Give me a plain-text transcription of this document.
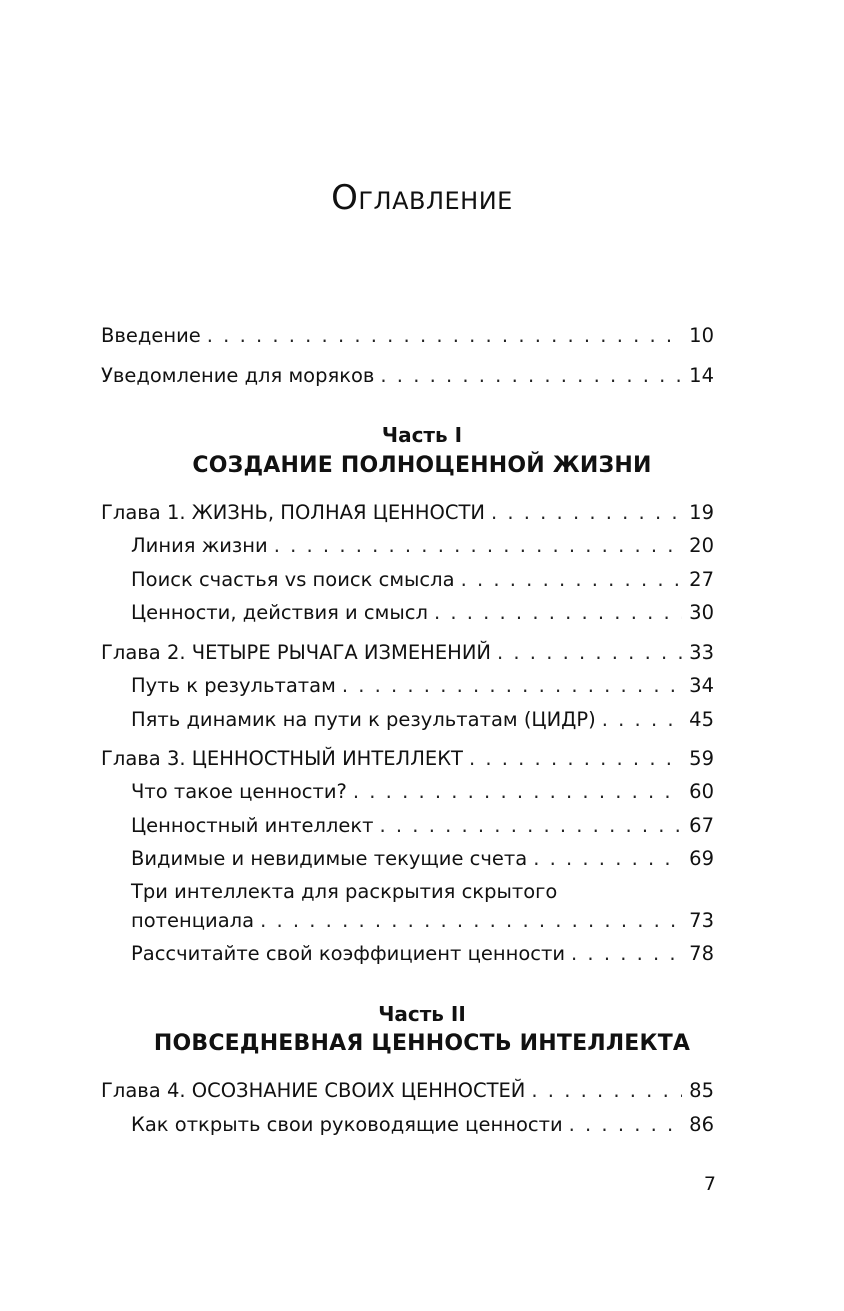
Оглавление
Введение . . .	10
Уведомление для моряков . . .	14
Часть I
СОЗДАНИЕ ПОЛНОЦЕННОЙ ЖИЗНИ
Глава 1. ЖИЗНЬ, ПОЛНАЯ ЦЕННОСТИ . . .	19
Линия жизни . . .	20
Поиск счастья vs поиск смысла . . .	27
Ценности, действия и смысл . . .	30
Глава 2. ЧЕТЫРЕ РЫЧАГА ИЗМЕНЕНИЙ . . .	33
Путь к результатам . . .	34
Пять динамик на пути к результатам (ЦИДР) . . .	45
Глава 3. ЦЕННОСТНЫЙ ИНТЕЛЛЕКТ . . .	59
Что такое ценности? . . .	60
Ценностный интеллект . . .	67
Видимые и невидимые текущие счета . . .	69
Три интеллекта для раскрытия скрытого
потенциала . . .	73
Рассчитайте свой коэффициент ценности . . .	78
Часть II
ПОВСЕДНЕВНАЯ ЦЕННОСТЬ ИНТЕЛЛЕКТА
Глава 4. ОСОЗНАНИЕ СВОИХ ЦЕННОСТЕЙ . . .	85
Как открыть свои руководящие ценности . . .	86
7
